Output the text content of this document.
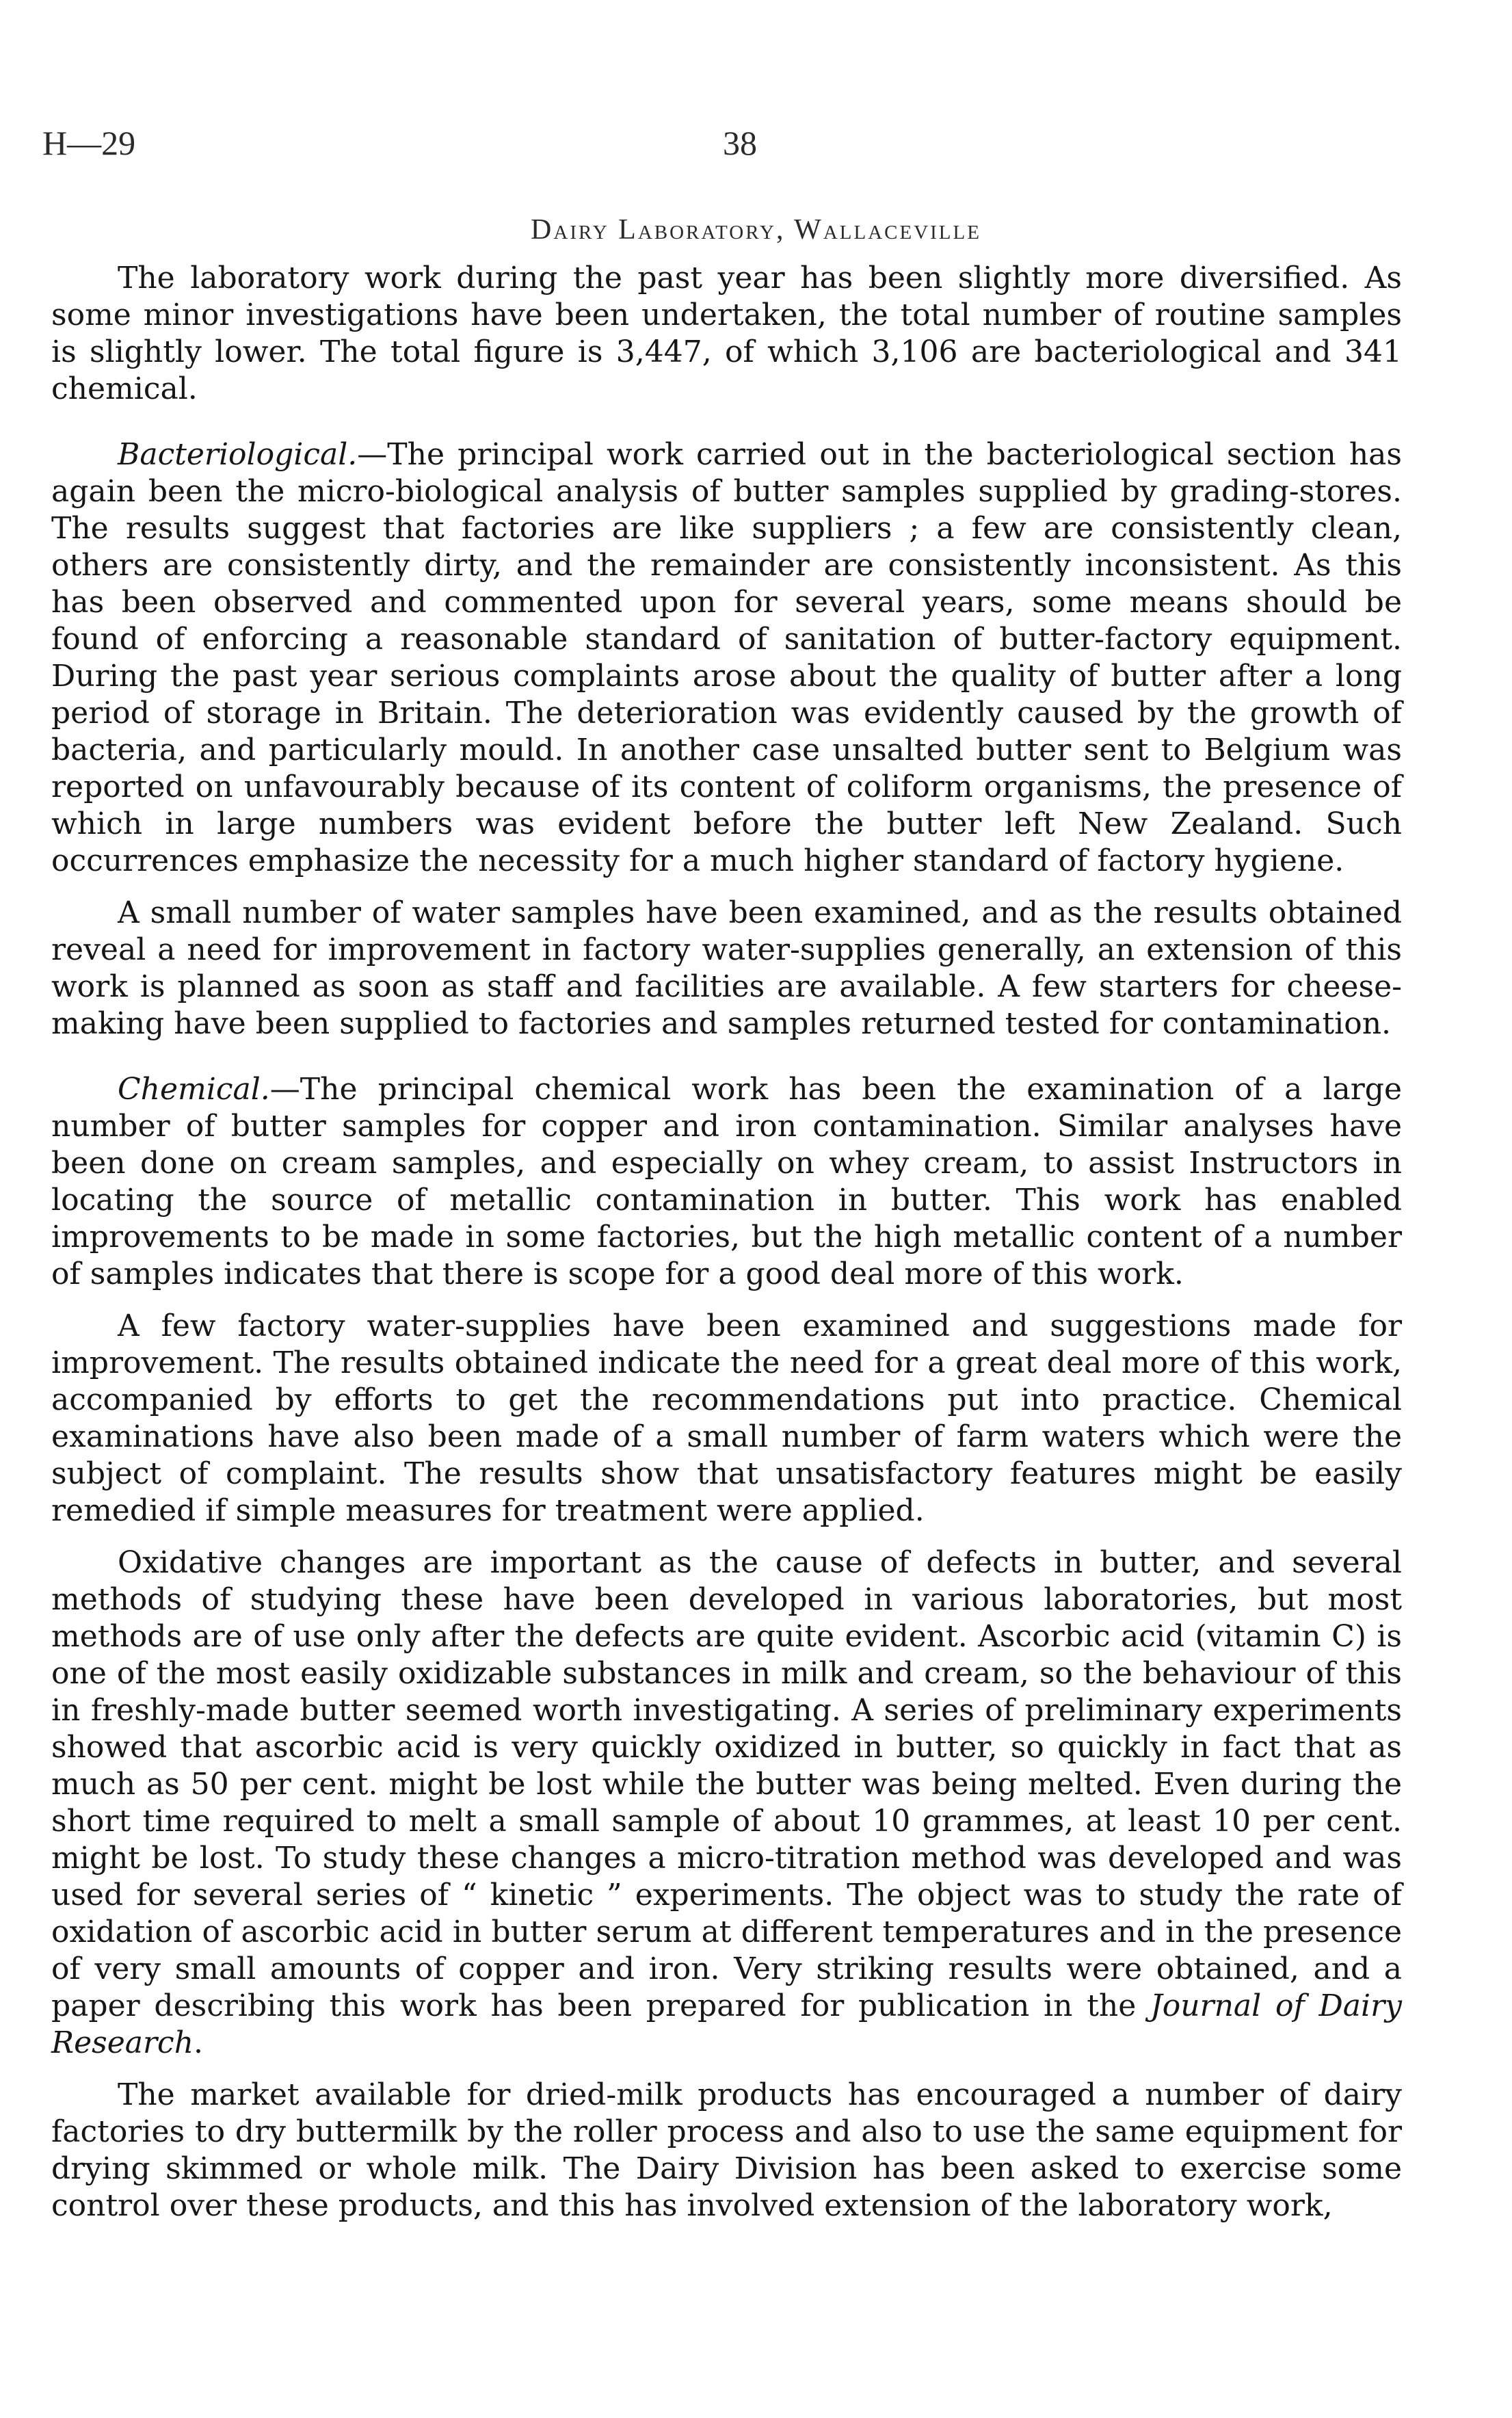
H—29	38
Dairy Laboratory, Wallaceville

The laboratory work during the past year has been slightly more diversified. As some minor investigations have been undertaken, the total number of routine samples is slightly lower. The total figure is 3,447, of which 3,106 are bacteriological and 341 chemical.

Bacteriological.—The principal work carried out in the bacteriological section has again been the micro-biological analysis of butter samples supplied by grading-stores. The results suggest that factories are like suppliers ; a few are consistently clean, others are consistently dirty, and the remainder are consistently inconsistent. As this has been observed and commented upon for several years, some means should be found of enforcing a reasonable standard of sanitation of butter-factory equipment. During the past year serious complaints arose about the quality of butter after a long period of storage in Britain. The deterioration was evidently caused by the growth of bacteria, and particularly mould. In another case unsalted butter sent to Belgium was reported on unfavourably because of its content of coliform organisms, the presence of which in large numbers was evident before the butter left New Zealand. Such occurrences emphasize the necessity for a much higher standard of factory hygiene.

A small number of water samples have been examined, and as the results obtained reveal a need for improvement in factory water-supplies generally, an extension of this work is planned as soon as staff and facilities are available. A few starters for cheese-making have been supplied to factories and samples returned tested for contamination.

Chemical.—The principal chemical work has been the examination of a large number of butter samples for copper and iron contamination. Similar analyses have been done on cream samples, and especially on whey cream, to assist Instructors in locating the source of metallic contamination in butter. This work has enabled improvements to be made in some factories, but the high metallic content of a number of samples indicates that there is scope for a good deal more of this work.

A few factory water-supplies have been examined and suggestions made for improvement. The results obtained indicate the need for a great deal more of this work, accompanied by efforts to get the recommendations put into practice. Chemical examinations have also been made of a small number of farm waters which were the subject of complaint. The results show that unsatisfactory features might be easily remedied if simple measures for treatment were applied.

Oxidative changes are important as the cause of defects in butter, and several methods of studying these have been developed in various laboratories, but most methods are of use only after the defects are quite evident. Ascorbic acid (vitamin C) is one of the most easily oxidizable substances in milk and cream, so the behaviour of this in freshly-made butter seemed worth investigating. A series of preliminary experiments showed that ascorbic acid is very quickly oxidized in butter, so quickly in fact that as much as 50 per cent. might be lost while the butter was being melted. Even during the short time required to melt a small sample of about 10 grammes, at least 10 per cent. might be lost. To study these changes a micro-titration method was developed and was used for several series of “ kinetic ” experiments. The object was to study the rate of oxidation of ascorbic acid in butter serum at different temperatures and in the presence of very small amounts of copper and iron. Very striking results were obtained, and a paper describing this work has been prepared for publication in the Journal of Dairy Research.

The market available for dried-milk products has encouraged a number of dairy factories to dry buttermilk by the roller process and also to use the same equipment for drying skimmed or whole milk. The Dairy Division has been asked to exercise some control over these products, and this has involved extension of the laboratory work,
